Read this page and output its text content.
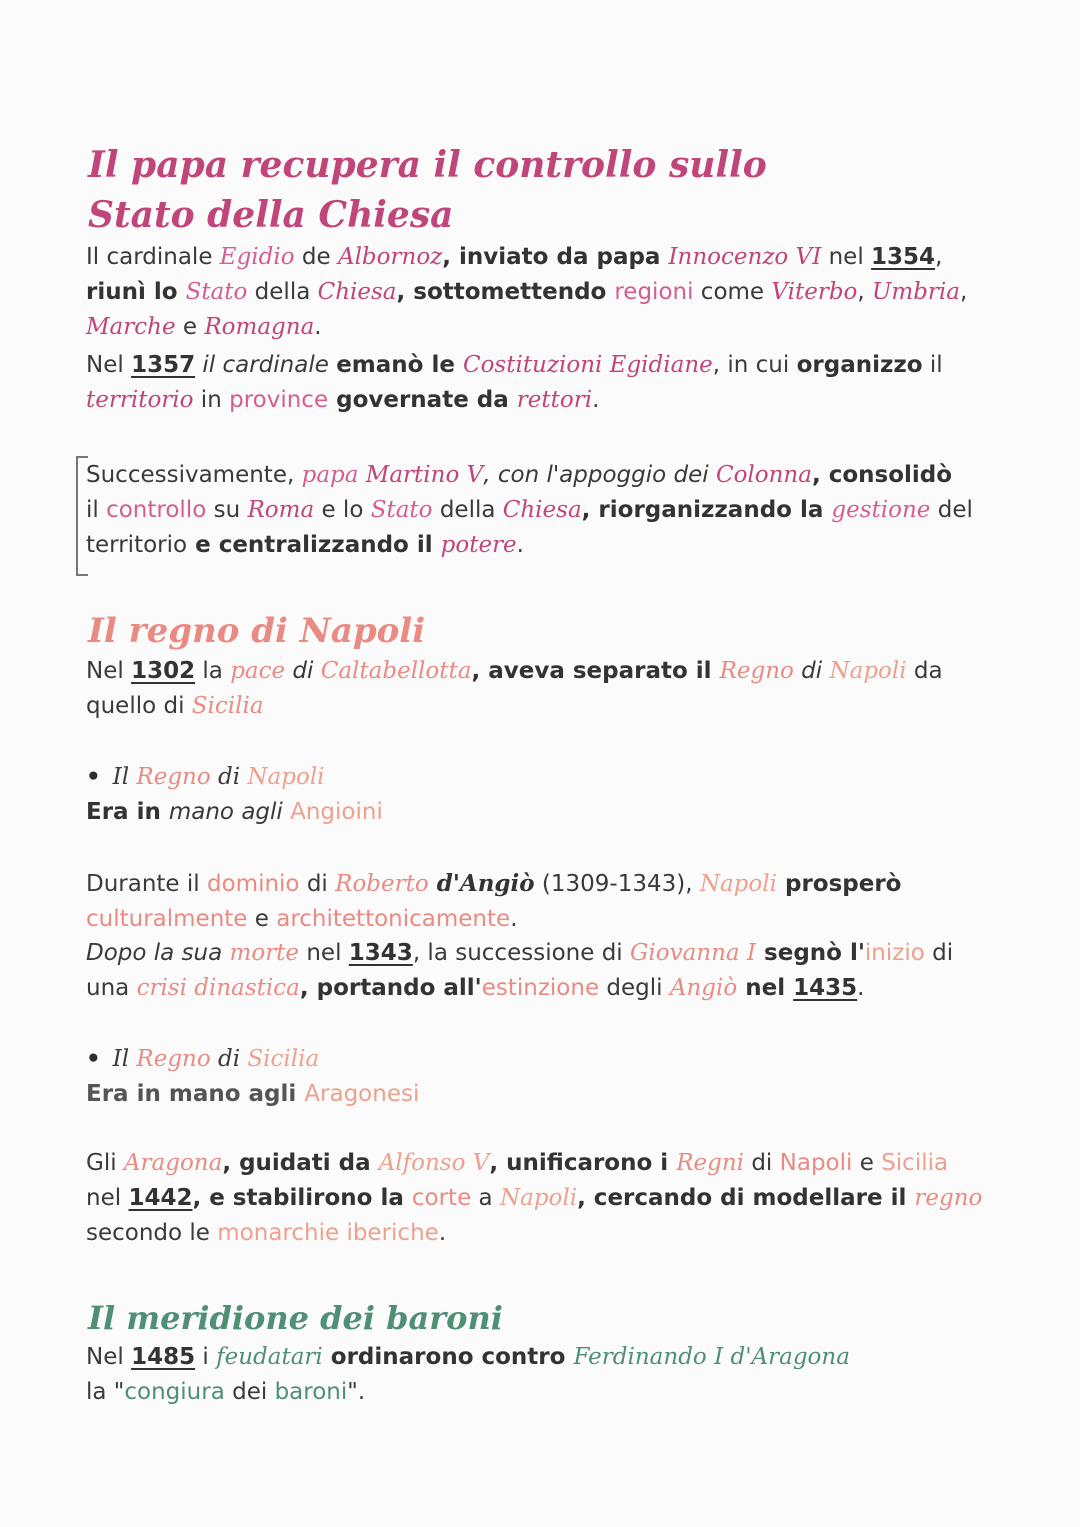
Il papa recupera il controllo sullo
Stato della Chiesa

Il cardinale Egidio de Albornoz, inviato da papa Innocenzo VI nel 1354,
riunì lo Stato della Chiesa, sottomettendo regioni come Viterbo, Umbria,
Marche e Romagna.

Nel 1357 il cardinale emanò le Costituzioni Egidiane, in cui organizzo il
territorio in province governate da rettori.

Successivamente, papa Martino V, con l'appoggio dei Colonna, consolidò
il controllo su Roma e lo Stato della Chiesa, riorganizzando la gestione del
territorio e centralizzando il potere.

Il regno di Napoli

Nel 1302 la pace di Caltabellotta, aveva separato il Regno di Napoli da
quello di Sicilia

• Il Regno di Napoli
Era in mano agli Angioini

Durante il dominio di Roberto d'Angiò (1309-1343), Napoli prosperò
culturalmente e architettonicamente.

Dopo la sua morte nel 1343, la successione di Giovanna I segnò l'inizio di
una crisi dinastica, portando all'estinzione degli Angiò nel 1435.

• Il Regno di Sicilia
Era in mano agli Aragonesi

Gli Aragona, guidati da Alfonso V, unificarono i Regni di Napoli e Sicilia
nel 1442, e stabilirono la corte a Napoli, cercando di modellare il regno
secondo le monarchie iberiche.

Il meridione dei baroni

Nel 1485 i feudatari ordinarono contro Ferdinando I d'Aragona
la "congiura dei baroni".
